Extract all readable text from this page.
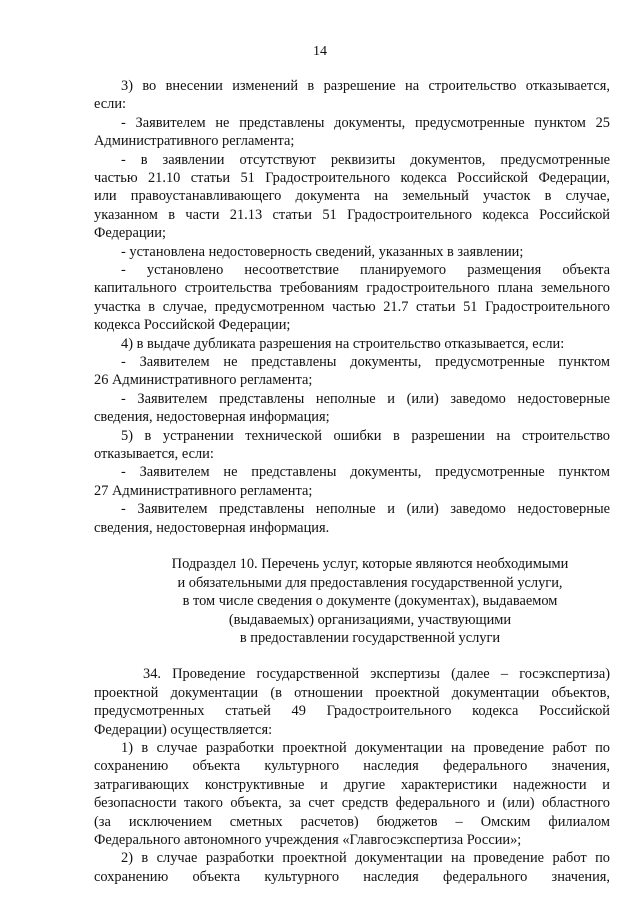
14
3) во внесении изменений в разрешение на строительство отказывается,
если:
- Заявителем не представлены документы, предусмотренные пунктом 25
Административного регламента;
- в заявлении отсутствуют реквизиты документов, предусмотренные
частью 21.10 статьи 51 Градостроительного кодекса Российской Федерации,
или правоустанавливающего документа на земельный участок в случае,
указанном в части 21.13 статьи 51 Градостроительного кодекса Российской
Федерации;
- установлена недостоверность сведений, указанных в заявлении;
- установлено несоответствие планируемого размещения объекта
капитального строительства требованиям градостроительного плана земельного
участка в случае, предусмотренном частью 21.7 статьи 51 Градостроительного
кодекса Российской Федерации;
4) в выдаче дубликата разрешения на строительство отказывается, если:
- Заявителем не представлены документы, предусмотренные пунктом
26 Административного регламента;
- Заявителем представлены неполные и (или) заведомо недостоверные
сведения, недостоверная информация;
5) в устранении технической ошибки в разрешении на строительство
отказывается, если:
- Заявителем не представлены документы, предусмотренные пунктом
27 Административного регламента;
- Заявителем представлены неполные и (или) заведомо недостоверные
сведения, недостоверная информация.
Подраздел 10. Перечень услуг, которые являются необходимыми
и обязательными для предоставления государственной услуги,
в том числе сведения о документе (документах), выдаваемом
(выдаваемых) организациями, участвующими
в предоставлении государственной услуги
34. Проведение государственной экспертизы (далее – госэкспертиза)
проектной документации (в отношении проектной документации объектов,
предусмотренных статьей 49 Градостроительного кодекса Российской
Федерации) осуществляется:
1) в случае разработки проектной документации на проведение работ по
сохранению объекта культурного наследия федерального значения,
затрагивающих конструктивные и другие характеристики надежности и
безопасности такого объекта, за счет средств федерального и (или) областного
(за исключением сметных расчетов) бюджетов – Омским филиалом
Федерального автономного учреждения «Главгосэкспертиза России»;
2) в случае разработки проектной документации на проведение работ по
сохранению объекта культурного наследия федерального значения,
